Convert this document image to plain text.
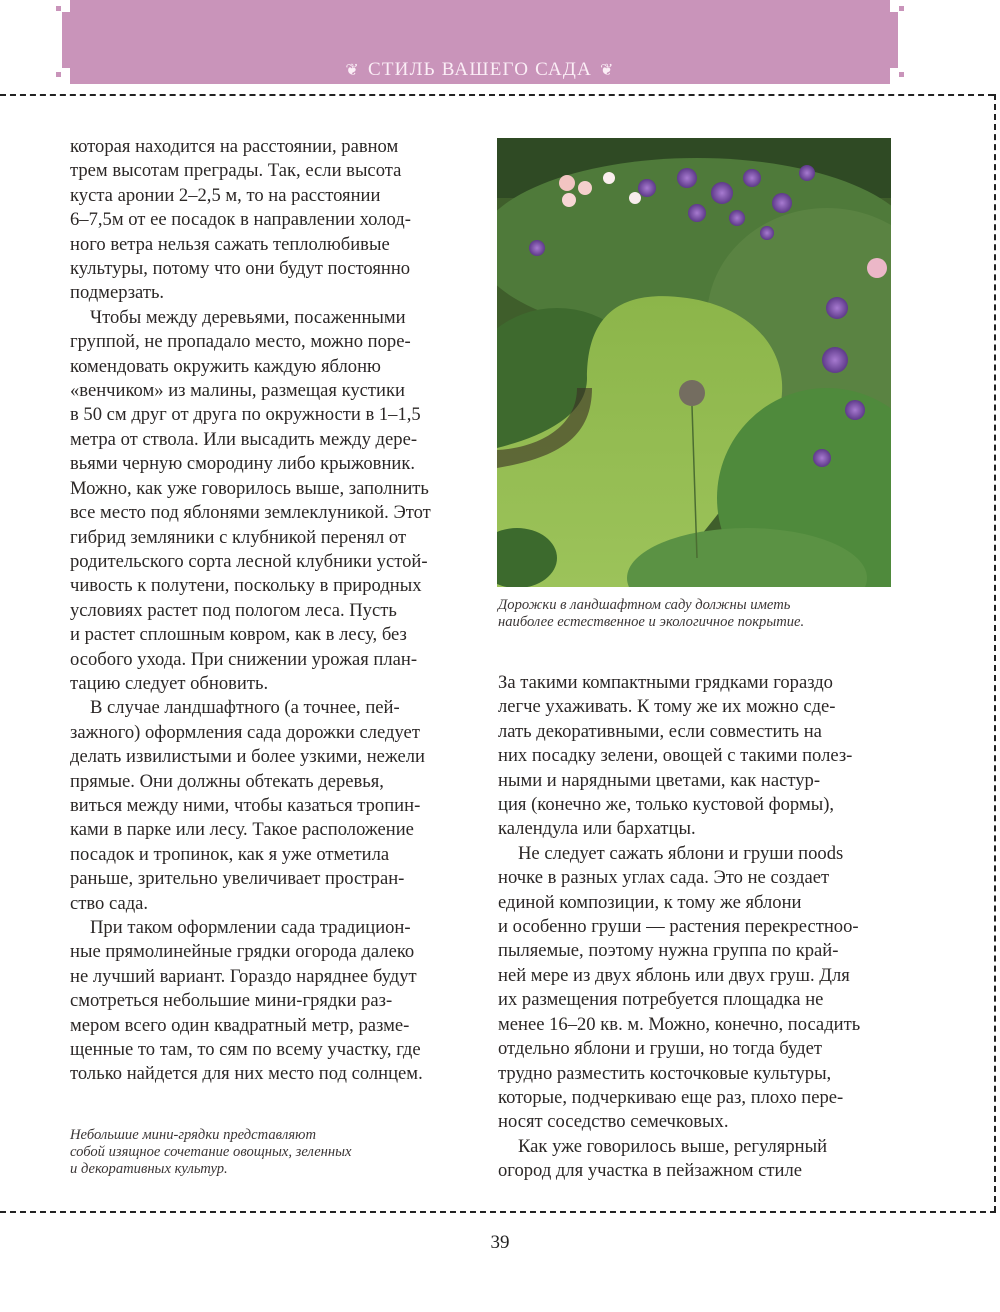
❦ СТИЛЬ ВАШЕГО САДА ❦
которая находится на расстоянии, равном
трем высотам преграды. Так, если высота
куста аронии 2–2,5 м, то на расстоянии
6–7,5м от ее посадок в направлении холод-
ного ветра нельзя сажать теплолюбивые
культуры, потому что они будут постоянно
подмерзать.
Чтобы между деревьями, посаженными
группой, не пропадало место, можно поре-
комендовать окружить каждую яблоню
«венчиком» из малины, размещая кустики
в 50 см друг от друга по окружности в 1–1,5
метра от ствола. Или высадить между дере-
вьями черную смородину либо крыжовник.
Можно, как уже говорилось выше, заполнить
все место под яблонями землеклуникой. Этот
гибрид земляники с клубникой перенял от
родительского сорта лесной клубники устой-
чивость к полутени, поскольку в природных
условиях растет под пологом леса. Пусть
и растет сплошным ковром, как в лесу, без
особого ухода. При снижении урожая план-
тацию следует обновить.
В случае ландшафтного (а точнее, пей-
зажного) оформления сада дорожки следует
делать извилистыми и более узкими, нежели
прямые. Они должны обтекать деревья,
виться между ними, чтобы казаться тропин-
ками в парке или лесу. Такое расположение
посадок и тропинок, как я уже отметила
раньше, зрительно увеличивает простран-
ство сада.
При таком оформлении сада традицион-
ные прямолинейные грядки огорода далеко
не лучший вариант. Гораздо наряднее будут
смотреться небольшие мини-грядки раз-
мером всего один квадратный метр, разме-
щенные то там, то сям по всему участку, где
только найдется для них место под солнцем.
Дорожки в ландшафтном саду должны иметь
наиболее естественное и экологичное покрытие.
За такими компактными грядками гораздо
легче ухаживать. К тому же их можно сде-
лать декоративными, если совместить на
них посадку зелени, овощей с такими полез-
ными и нарядными цветами, как настур-
ция (конечно же, только кустовой формы),
календула или бархатцы.
Не следует сажать яблони и груши поods
ночке в разных углах сада. Это не создает
единой композиции, к тому же яблони
и особенно груши — растения перекрестноо-
пыляемые, поэтому нужна группа по край-
ней мере из двух яблонь или двух груш. Для
их размещения потребуется площадка не
менее 16–20 кв. м. Можно, конечно, посадить
отдельно яблони и груши, но тогда будет
трудно разместить косточковые культуры,
которые, подчеркиваю еще раз, плохо пере-
носят соседство семечковых.
Как уже говорилось выше, регулярный
огород для участка в пейзажном стиле
Небольшие мини-грядки представляют
собой изящное сочетание овощных, зеленных
и декоративных культур.
39
